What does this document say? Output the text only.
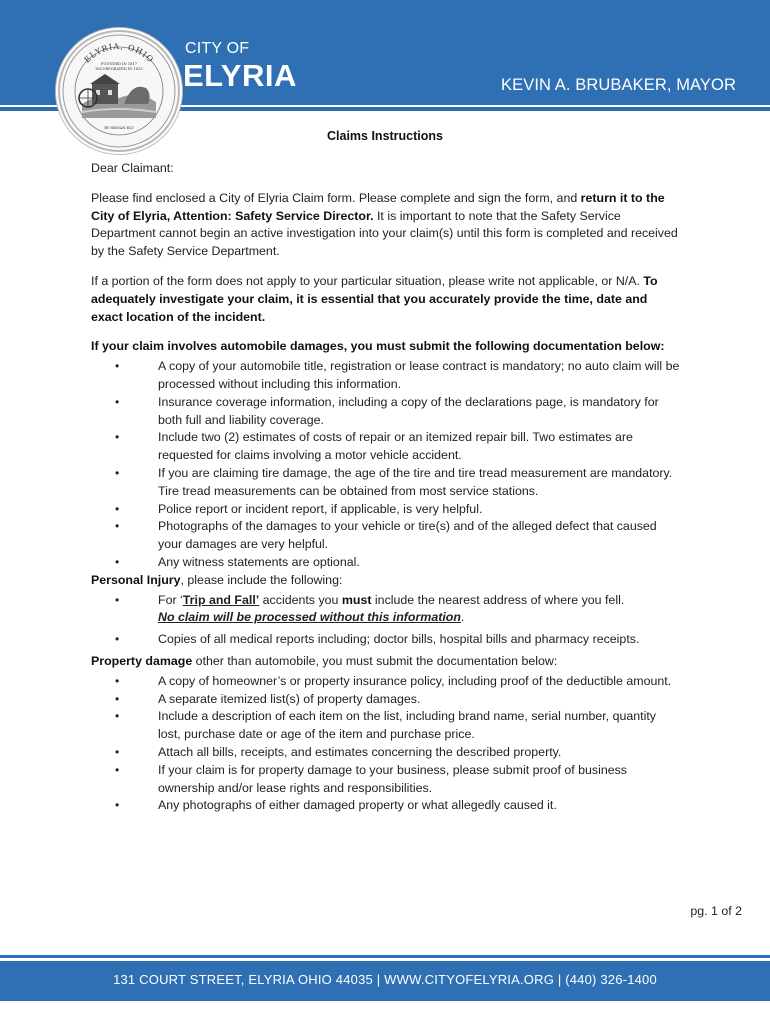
ELYRIA, OHIO
FOUNDED IN 1817
INCORPORATED IN 1833
BY HEMAN ELY
CITY OF
ELYRIA	KEVIN A. BRUBAKER, MAYOR
Claims Instructions

Dear Claimant:

Please find enclosed a City of Elyria Claim form. Please complete and sign the form, and return it to the City of Elyria, Attention: Safety Service Director. It is important to note that the Safety Service Department cannot begin an active investigation into your claim(s) until this form is completed and received by the Safety Service Department.

If a portion of the form does not apply to your particular situation, please write not applicable, or N/A. To adequately investigate your claim, it is essential that you accurately provide the time, date and exact location of the incident.

If your claim involves automobile damages, you must submit the following documentation below:

• A copy of your automobile title, registration or lease contract is mandatory; no auto claim will be processed without including this information.
• Insurance coverage information, including a copy of the declarations page, is mandatory for both full and liability coverage.
• Include two (2) estimates of costs of repair or an itemized repair bill. Two estimates are requested for claims involving a motor vehicle accident.
• If you are claiming tire damage, the age of the tire and tire tread measurement are mandatory. Tire tread measurements can be obtained from most service stations.
• Police report or incident report, if applicable, is very helpful.
• Photographs of the damages to your vehicle or tire(s) and of the alleged defect that caused your damages are very helpful.
• Any witness statements are optional.

Personal Injury, please include the following:

• For ‘Trip and Fall’ accidents you must include the nearest address of where you fell.
No claim will be processed without this information.
• Copies of all medical reports including; doctor bills, hospital bills and pharmacy receipts.

Property damage other than automobile, you must submit the documentation below:

• A copy of homeowner’s or property insurance policy, including proof of the deductible amount.
• A separate itemized list(s) of property damages.
• Include a description of each item on the list, including brand name, serial number, quantity lost, purchase date or age of the item and purchase price.
• Attach all bills, receipts, and estimates concerning the described property.
• If your claim is for property damage to your business, please submit proof of business ownership and/or lease rights and responsibilities.
• Any photographs of either damaged property or what allegedly caused it.
pg. 1 of 2
131 COURT STREET, ELYRIA OHIO 44035 | WWW.CITYOFELYRIA.ORG | (440) 326-1400
